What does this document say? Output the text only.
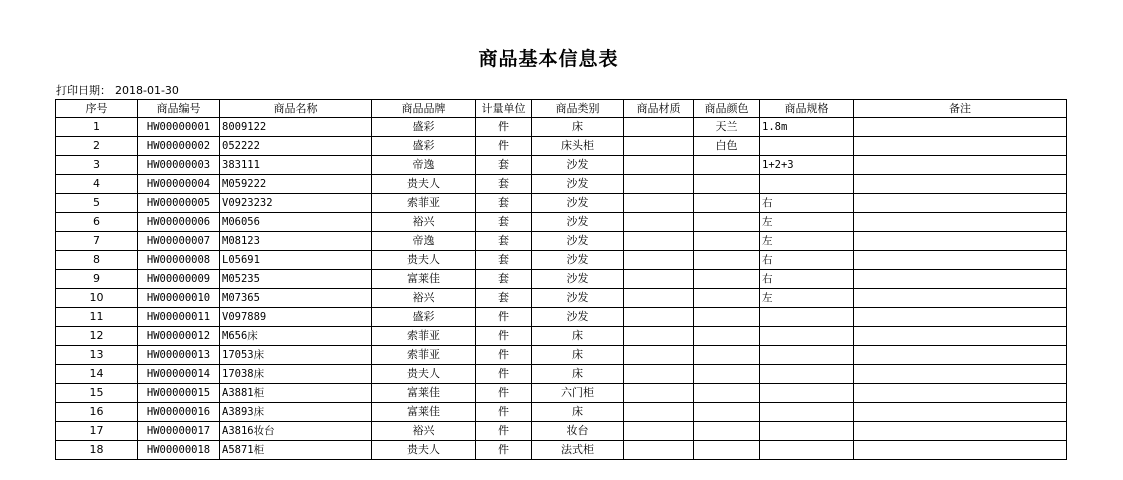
商品基本信息表
打印日期： 2018-01-30
序号	商品编号	商品名称	商品品牌	计量单位	商品类别	商品材质	商品颜色	商品规格	备注
1	HW00000001	8009122	盛彩	件	床		天兰	1.8m	
2	HW00000002	052222	盛彩	件	床头柜		白色		
3	HW00000003	383111	帝逸	套	沙发			1+2+3	
4	HW00000004	M059222	贵夫人	套	沙发				
5	HW00000005	V0923232	索菲亚	套	沙发			右	
6	HW00000006	M06056	裕兴	套	沙发			左	
7	HW00000007	M08123	帝逸	套	沙发			左	
8	HW00000008	L05691	贵夫人	套	沙发			右	
9	HW00000009	M05235	富莱佳	套	沙发			右	
10	HW00000010	M07365	裕兴	套	沙发			左	
11	HW00000011	V097889	盛彩	件	沙发				
12	HW00000012	M656床	索菲亚	件	床				
13	HW00000013	17053床	索菲亚	件	床				
14	HW00000014	17038床	贵夫人	件	床				
15	HW00000015	A3881柜	富莱佳	件	六门柜				
16	HW00000016	A3893床	富莱佳	件	床				
17	HW00000017	A3816妆台	裕兴	件	妆台				
18	HW00000018	A5871柜	贵夫人	件	法式柜				
